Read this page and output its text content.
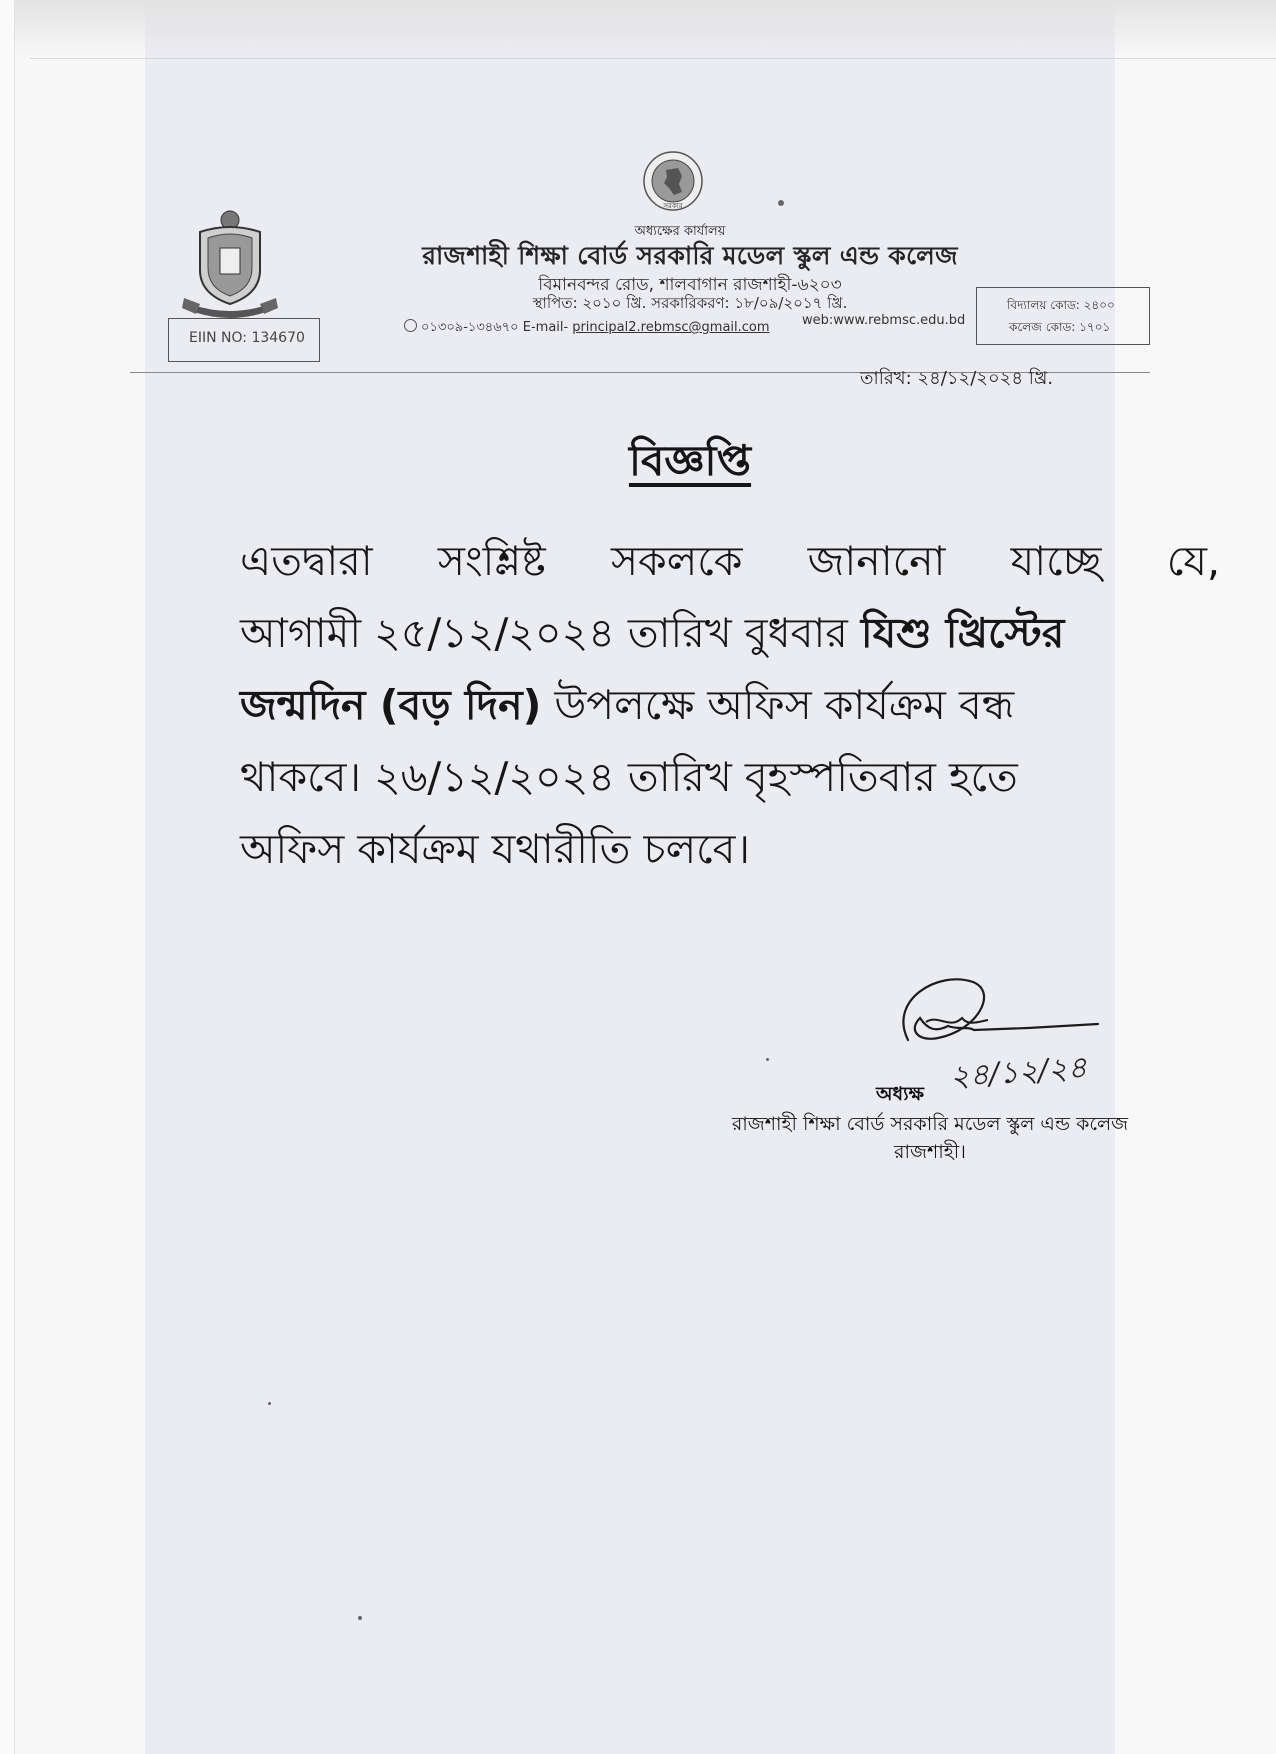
সরকার
অধ্যক্ষের কার্যালয়
রাজশাহী শিক্ষা বোর্ড সরকারি মডেল স্কুল এন্ড কলেজ
বিমানবন্দর রোড, শালবাগান রাজশাহী-৬২০৩
স্থাপিত: ২০১০ খ্রি. সরকারিকরণ: ১৮/০৯/২০১৭ খ্রি.
EIIN NO: 134670
০১৩০৯-১৩৪৬৭০ E-mail- principal2.rebmsc@gmail.com web:www.rebmsc.edu.bd
বিদ্যালয় কোড: ২৪০০
কলেজ কোড: ১৭০১
তারিখ: ২৪/১২/২০২৪ খ্রি.
বিজ্ঞপ্তি
এতদ্বারা সংশ্লিষ্ট সকলকে জানানো যাচ্ছে যে,
আগামী ২৫/১২/২০২৪ তারিখ বুধবার যিশু খ্রিস্টের
জন্মদিন (বড় দিন) উপলক্ষে অফিস কার্যক্রম বন্ধ
থাকবে। ২৬/১২/২০২৪ তারিখ বৃহস্পতিবার হতে
অফিস কার্যক্রম যথারীতি চলবে।
২৪/১২/২৪
অধ্যক্ষ
রাজশাহী শিক্ষা বোর্ড সরকারি মডেল স্কুল এন্ড কলেজ
রাজশাহী।
